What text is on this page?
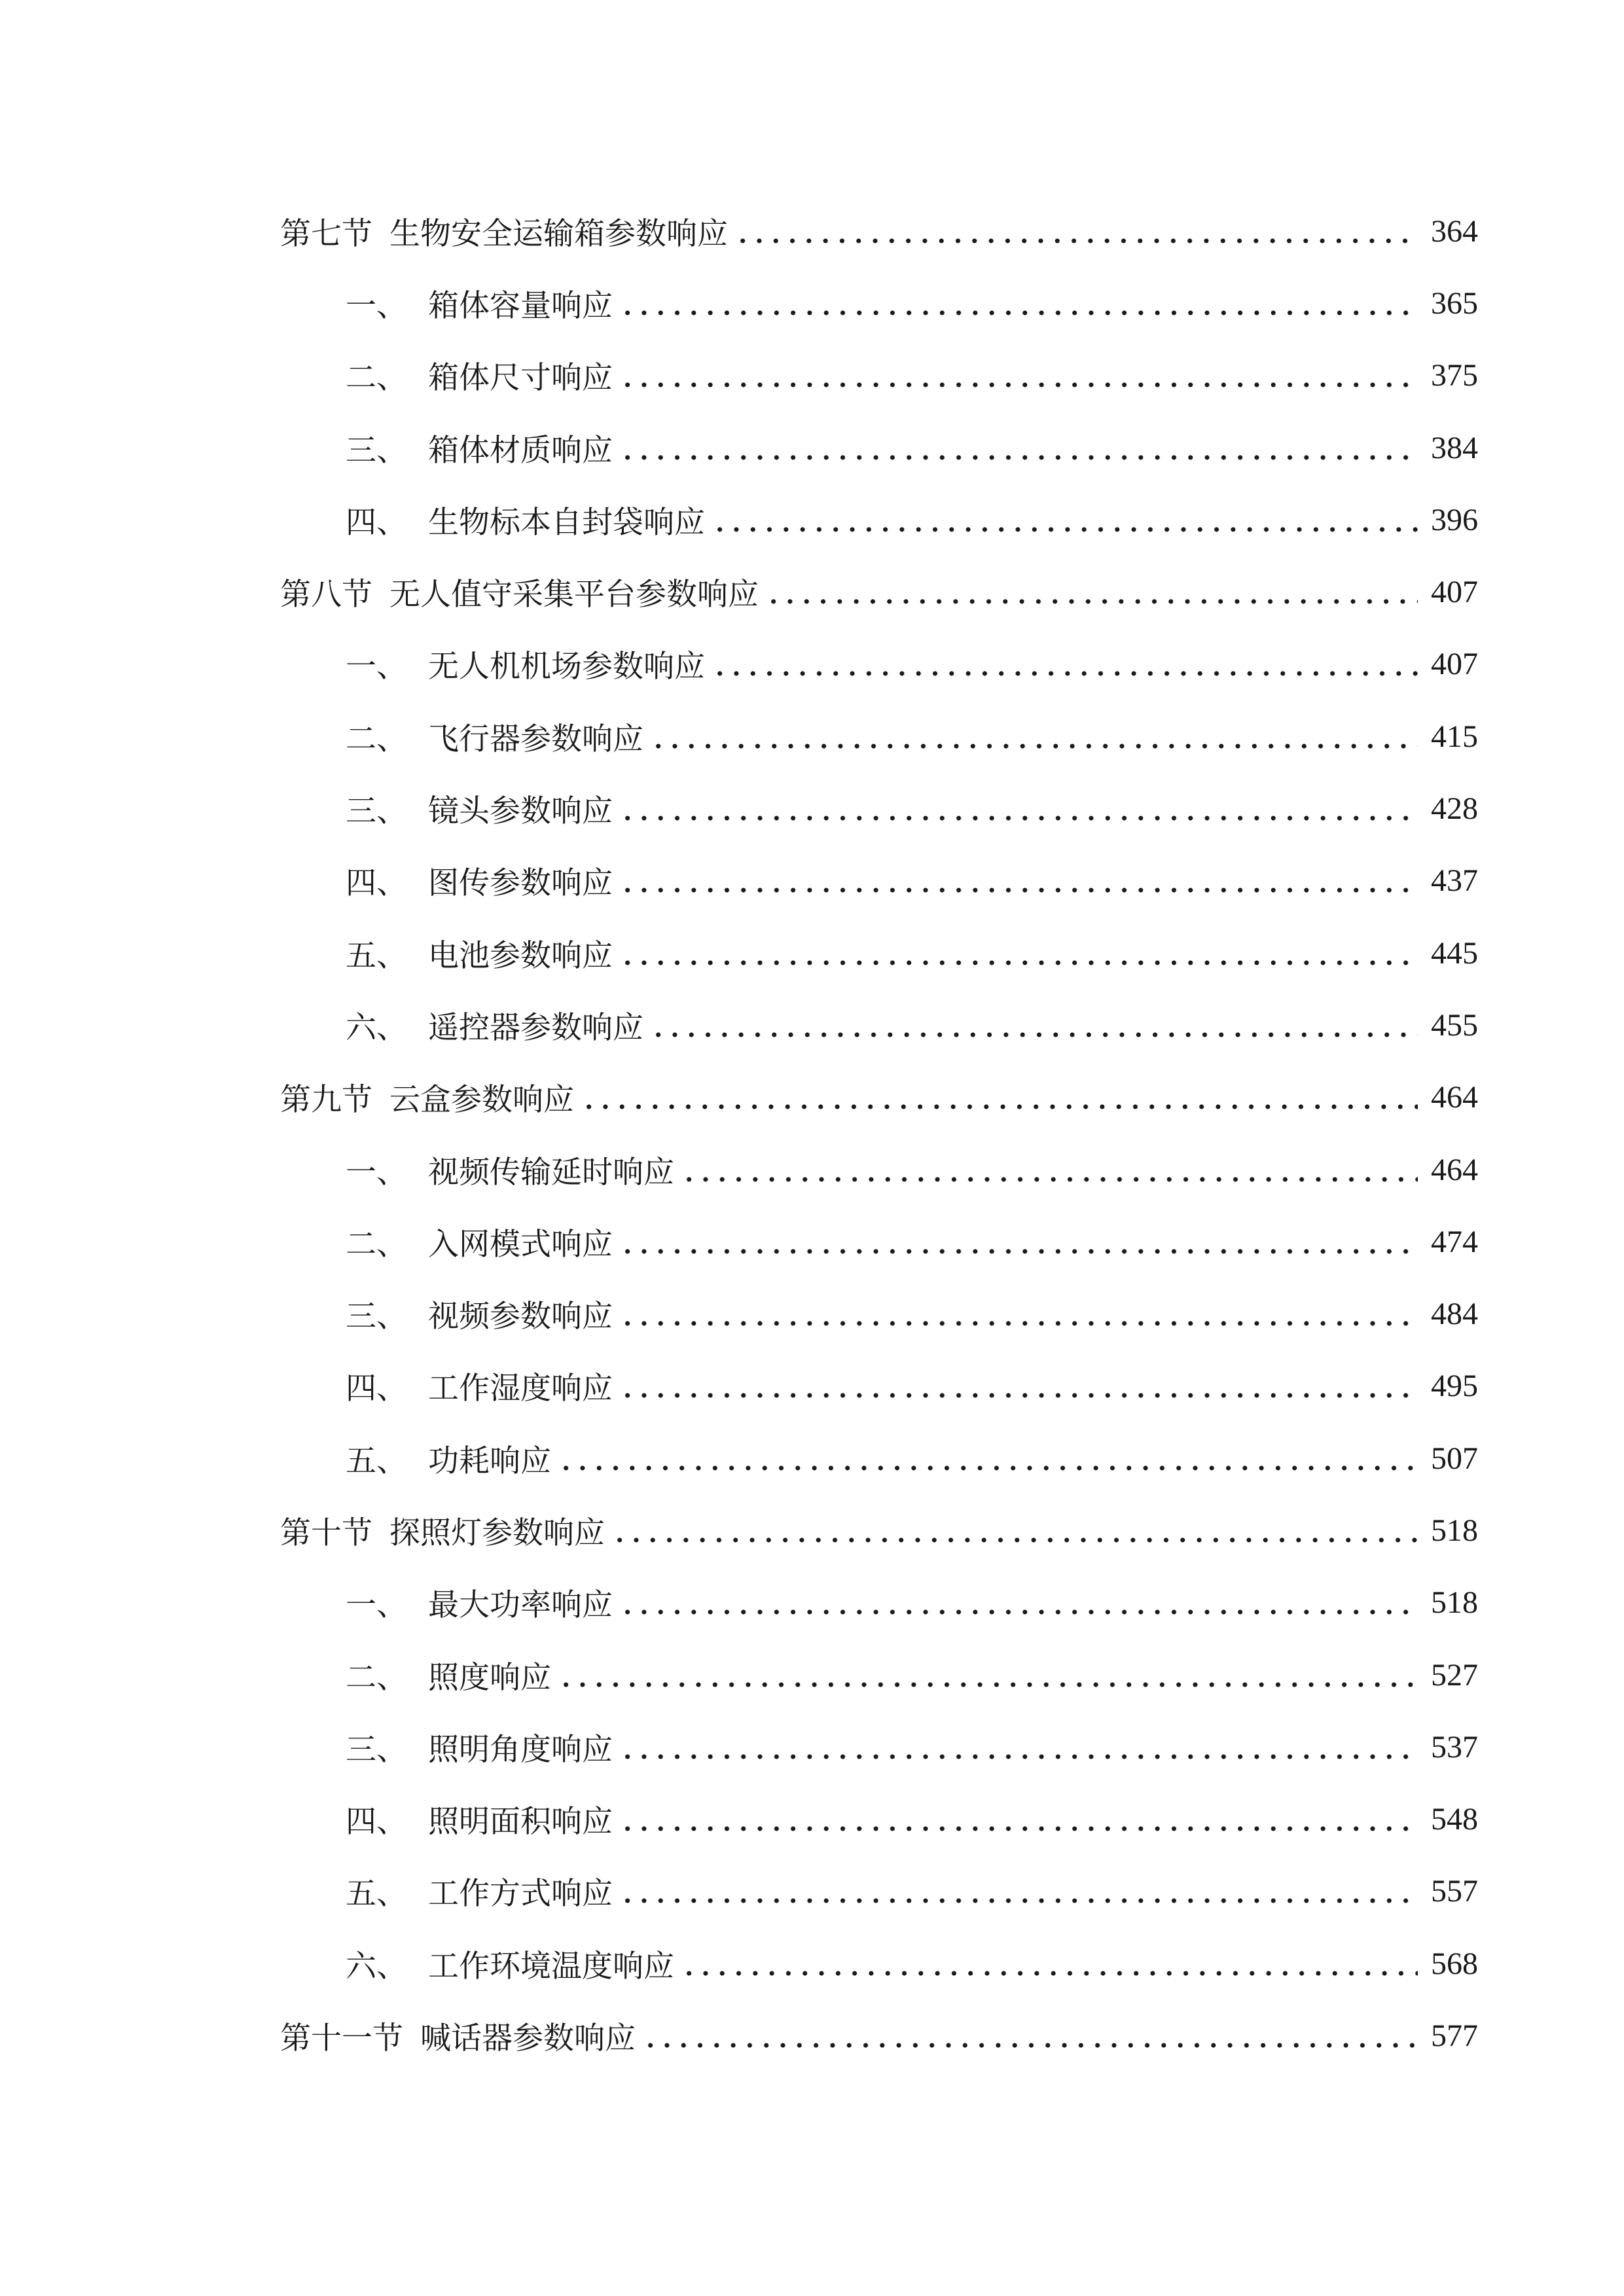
第七节 生物安全运输箱参数响应	364
一、 箱体容量响应	365
二、 箱体尺寸响应	375
三、 箱体材质响应	384
四、 生物标本自封袋响应	396
第八节 无人值守采集平台参数响应	407
一、 无人机机场参数响应	407
二、 飞行器参数响应	415
三、 镜头参数响应	428
四、 图传参数响应	437
五、 电池参数响应	445
六、 遥控器参数响应	455
第九节 云盒参数响应	464
一、 视频传输延时响应	464
二、 入网模式响应	474
三、 视频参数响应	484
四、 工作湿度响应	495
五、 功耗响应	507
第十节 探照灯参数响应	518
一、 最大功率响应	518
二、 照度响应	527
三、 照明角度响应	537
四、 照明面积响应	548
五、 工作方式响应	557
六、 工作环境温度响应	568
第十一节 喊话器参数响应	577
